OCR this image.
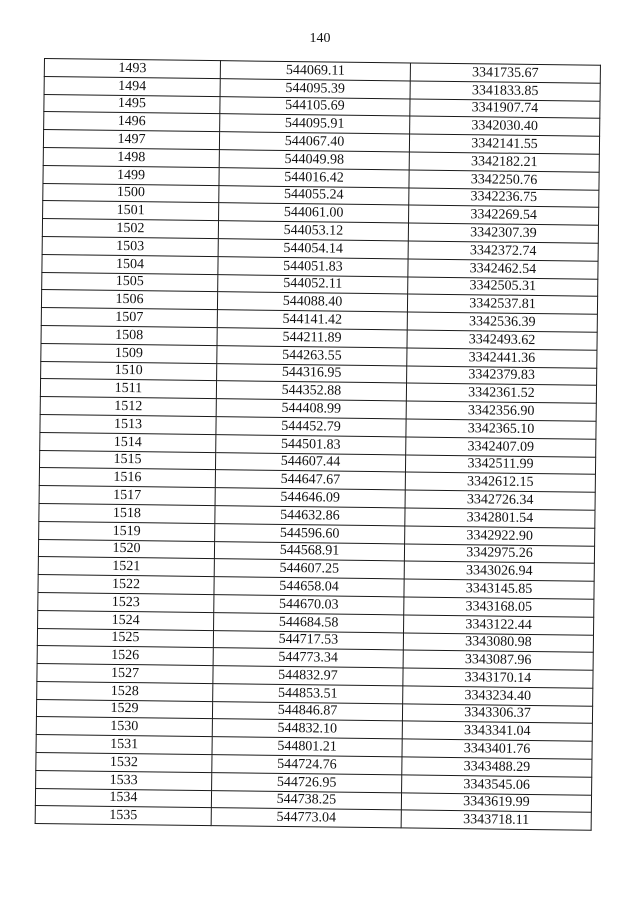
140
1493	544069.11	3341735.67
1494	544095.39	3341833.85
1495	544105.69	3341907.74
1496	544095.91	3342030.40
1497	544067.40	3342141.55
1498	544049.98	3342182.21
1499	544016.42	3342250.76
1500	544055.24	3342236.75
1501	544061.00	3342269.54
1502	544053.12	3342307.39
1503	544054.14	3342372.74
1504	544051.83	3342462.54
1505	544052.11	3342505.31
1506	544088.40	3342537.81
1507	544141.42	3342536.39
1508	544211.89	3342493.62
1509	544263.55	3342441.36
1510	544316.95	3342379.83
1511	544352.88	3342361.52
1512	544408.99	3342356.90
1513	544452.79	3342365.10
1514	544501.83	3342407.09
1515	544607.44	3342511.99
1516	544647.67	3342612.15
1517	544646.09	3342726.34
1518	544632.86	3342801.54
1519	544596.60	3342922.90
1520	544568.91	3342975.26
1521	544607.25	3343026.94
1522	544658.04	3343145.85
1523	544670.03	3343168.05
1524	544684.58	3343122.44
1525	544717.53	3343080.98
1526	544773.34	3343087.96
1527	544832.97	3343170.14
1528	544853.51	3343234.40
1529	544846.87	3343306.37
1530	544832.10	3343341.04
1531	544801.21	3343401.76
1532	544724.76	3343488.29
1533	544726.95	3343545.06
1534	544738.25	3343619.99
1535	544773.04	3343718.11
